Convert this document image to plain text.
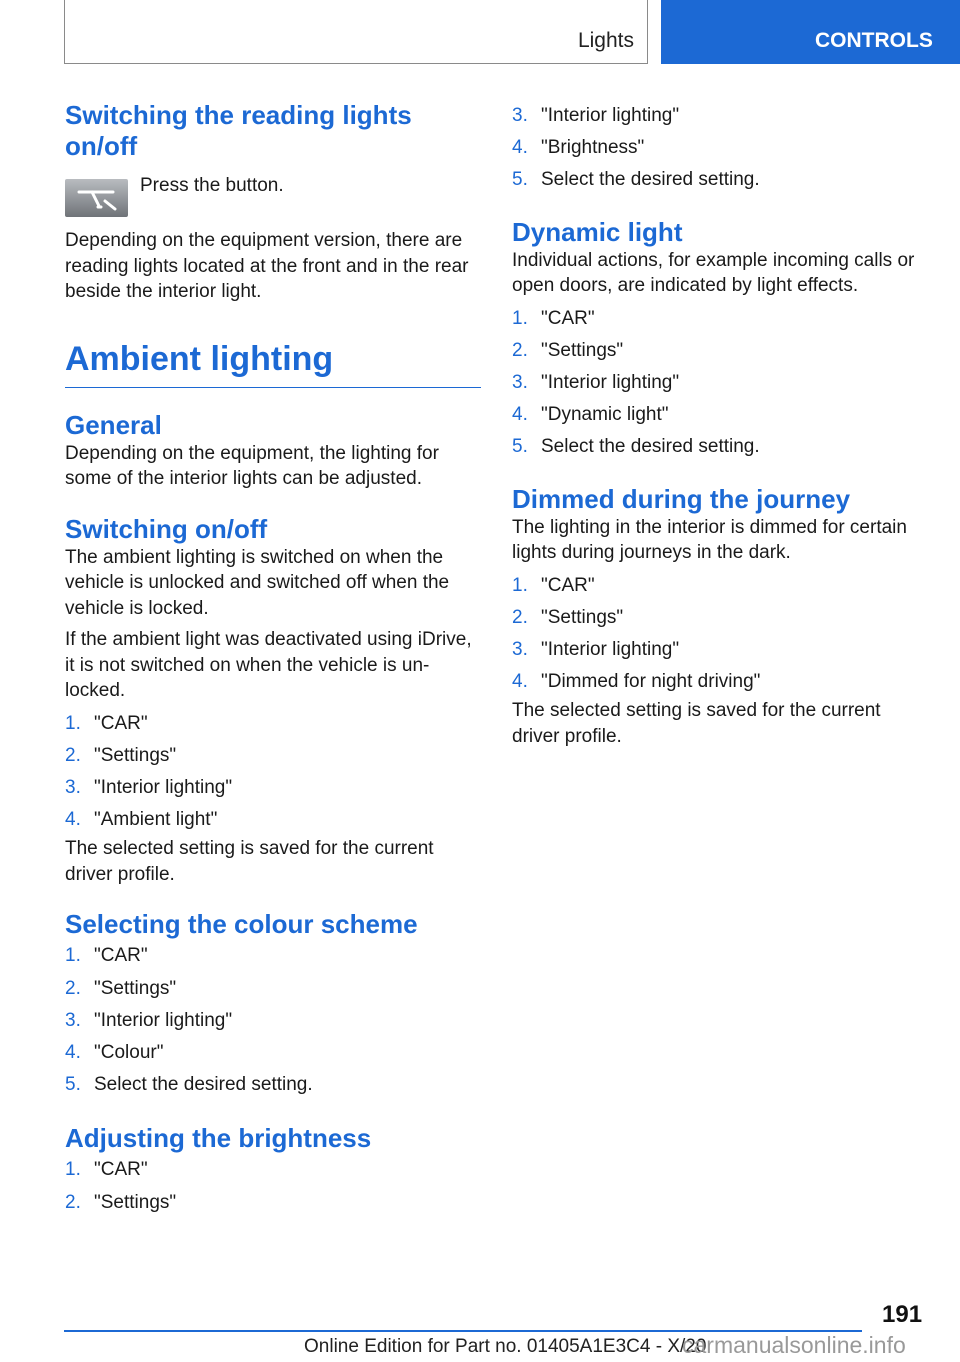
Lights	CONTROLS
Switching the reading lights on/off

Press the button.

Depending on the equipment version, there are reading lights located at the front and in the rear beside the interior light.

Ambient lighting
General

Depending on the equipment, the lighting for some of the interior lights can be adjusted.

Switching on/off

The ambient lighting is switched on when the vehicle is unlocked and switched off when the vehicle is locked.

If the ambient light was deactivated using iDrive, it is not switched on when the vehicle is un‐locked.

1. "CAR"
2. "Settings"
3. "Interior lighting"
4. "Ambient light"

The selected setting is saved for the current driver profile.

Selecting the colour scheme
1. "CAR"
2. "Settings"
3. "Interior lighting"
4. "Colour"
5. Select the desired setting.
Adjusting the brightness
1. "CAR"
2. "Settings"
3. "Interior lighting"
4. "Brightness"
5. Select the desired setting.
Dynamic light

Individual actions, for example incoming calls or open doors, are indicated by light effects.

1. "CAR"
2. "Settings"
3. "Interior lighting"
4. "Dynamic light"
5. Select the desired setting.
Dimmed during the journey

The lighting in the interior is dimmed for certain lights during journeys in the dark.

1. "CAR"
2. "Settings"
3. "Interior lighting"
4. "Dimmed for night driving"

The selected setting is saved for the current driver profile.

191
Online Edition for Part no. 01405A1E3C4 - X/20
carmanualsonline.info
